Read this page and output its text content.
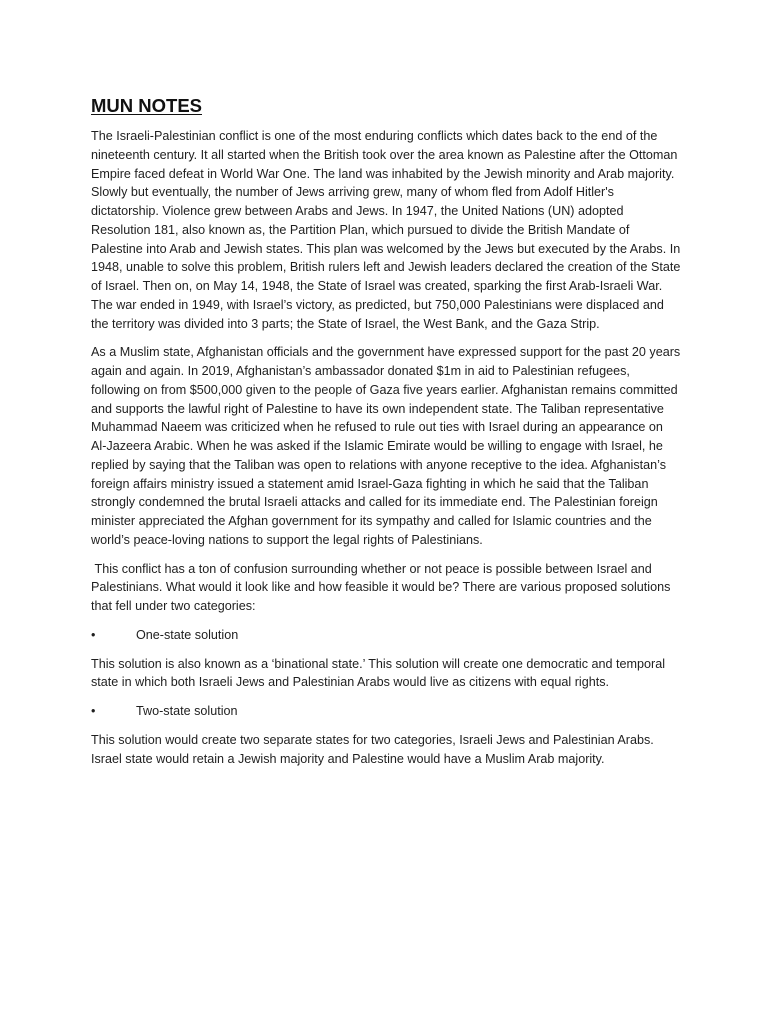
MUN NOTES

The Israeli-Palestinian conflict is one of the most enduring conflicts which dates back to the end of the nineteenth century. It all started when the British took over the area known as Palestine after the Ottoman Empire faced defeat in World War One. The land was inhabited by the Jewish minority and Arab majority. Slowly but eventually, the number of Jews arriving grew, many of whom fled from Adolf Hitler's dictatorship. Violence grew between Arabs and Jews. In 1947, the United Nations (UN) adopted Resolution 181, also known as, the Partition Plan, which pursued to divide the British Mandate of Palestine into Arab and Jewish states. This plan was welcomed by the Jews but executed by the Arabs. In 1948, unable to solve this problem, British rulers left and Jewish leaders declared the creation of the State of Israel. Then on, on May 14, 1948, the State of Israel was created, sparking the first Arab-Israeli War. The war ended in 1949, with Israel’s victory, as predicted, but 750,000 Palestinians were displaced and the territory was divided into 3 parts; the State of Israel, the West Bank, and the Gaza Strip.

As a Muslim state, Afghanistan officials and the government have expressed support for the past 20 years again and again. In 2019, Afghanistan’s ambassador donated $1m in aid to Palestinian refugees, following on from $500,000 given to the people of Gaza five years earlier. Afghanistan remains committed and supports the lawful right of Palestine to have its own independent state. The Taliban representative Muhammad Naeem was criticized when he refused to rule out ties with Israel during an appearance on Al-Jazeera Arabic. When he was asked if the Islamic Emirate would be willing to engage with Israel, he replied by saying that the Taliban was open to relations with anyone receptive to the idea. Afghanistan’s foreign affairs ministry issued a statement amid Israel-Gaza fighting in which he said that the Taliban strongly condemned the brutal Israeli attacks and called for its immediate end. The Palestinian foreign minister appreciated the Afghan government for its sympathy and called for Islamic countries and the world’s peace-loving nations to support the legal rights of Palestinians.

This conflict has a ton of confusion surrounding whether or not peace is possible between Israel and Palestinians. What would it look like and how feasible it would be? There are various proposed solutions that fell under two categories:

•	One-state solution

This solution is also known as a ‘binational state.’ This solution will create one democratic and temporal state in which both Israeli Jews and Palestinian Arabs would live as citizens with equal rights.

•	Two-state solution

This solution would create two separate states for two categories, Israeli Jews and Palestinian Arabs. Israel state would retain a Jewish majority and Palestine would have a Muslim Arab majority.
